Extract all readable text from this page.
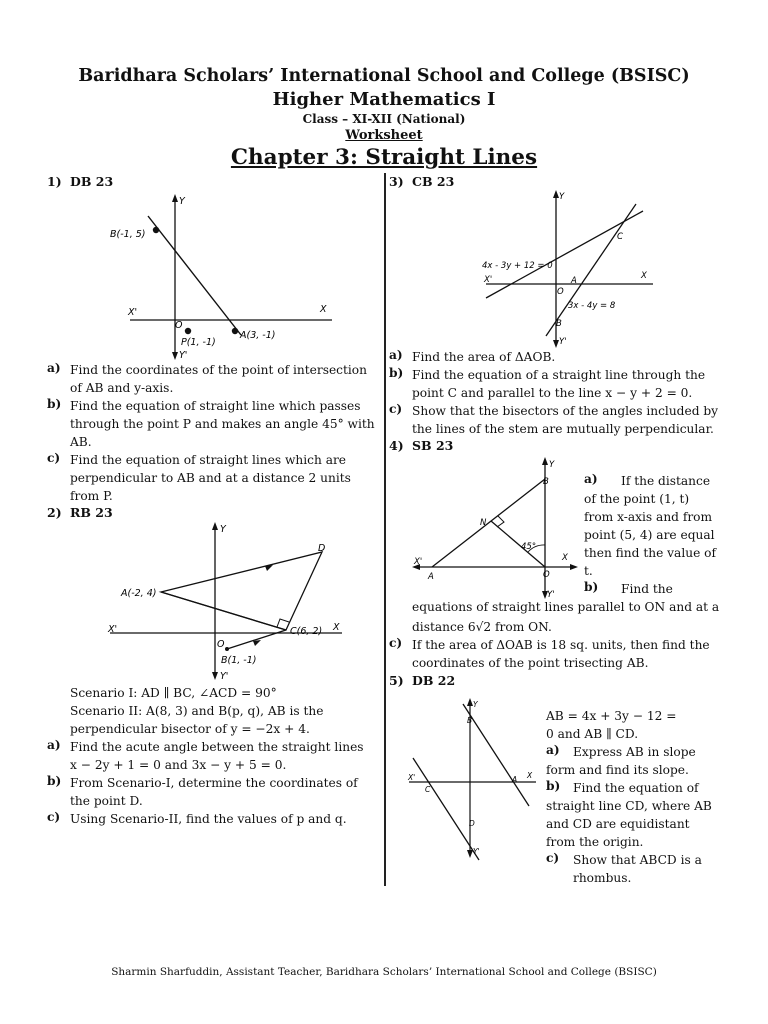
Baridhara Scholars’ International School and College (BSISC)
Higher Mathematics I
Class – XI-XII (National)
Worksheet
Chapter 3: Straight Lines
1) DB 23
B(-1, 5)
A(3, -1)
P(1, -1)
O
X
X'
Y
Y'
a) Find the coordinates of the point of intersection
of AB and y-axis.
b) Find the equation of straight line which passes
through the point P and makes an angle 45° with
AB.
c) Find the equation of straight lines which are
perpendicular to AB and at a distance 2 units
from P.
2) RB 23
A(-2, 4)
D
C(6, 2)
B(1, -1)
O
X
X'
Y
Y'
Scenario I: AD ∥ BC, ∠ACD = 90°
Scenario II: A(8, 3) and B(p, q), AB is the
perpendicular bisector of y = −2x + 4.
a) Find the acute angle between the straight lines
x − 2y + 1 = 0 and 3x − y + 5 = 0.
b) From Scenario-I, determine the coordinates of
the point D.
c) Using Scenario-II, find the values of p and q.
3) CB 23
4x - 3y + 12 = 0
3x - 4y = 8
A
B
C
O
X
X'
Y
Y'
a) Find the area of ΔAOB.
b) Find the equation of a straight line through the
point C and parallel to the line x − y + 2 = 0.
c) Show that the bisectors of the angles included by
the lines of the stem are mutually perpendicular.
4) SB 23
B
N
A	O
45°
X
X'
Y
Y'
a) If the distance
of the point (1, t)
from x-axis and from
point (5, 4) are equal
then find the value of
t.
b) Find the
equations of straight lines parallel to ON and at a
distance 6√2 from ON.
c) If the area of ΔOAB is 18 sq. units, then find the
coordinates of the point trisecting AB.
5) DB 22
A
B
C
D
X
X'
Y
Y'
AB = 4x + 3y − 12 =
0 and AB ∥ CD.
a) Express AB in slope
form and find its slope.
b) Find the equation of
straight line CD, where AB
and CD are equidistant
from the origin.
c) Show that ABCD is a
rhombus.
Sharmin Sharfuddin, Assistant Teacher, Baridhara Scholars’ International School and College (BSISC)
